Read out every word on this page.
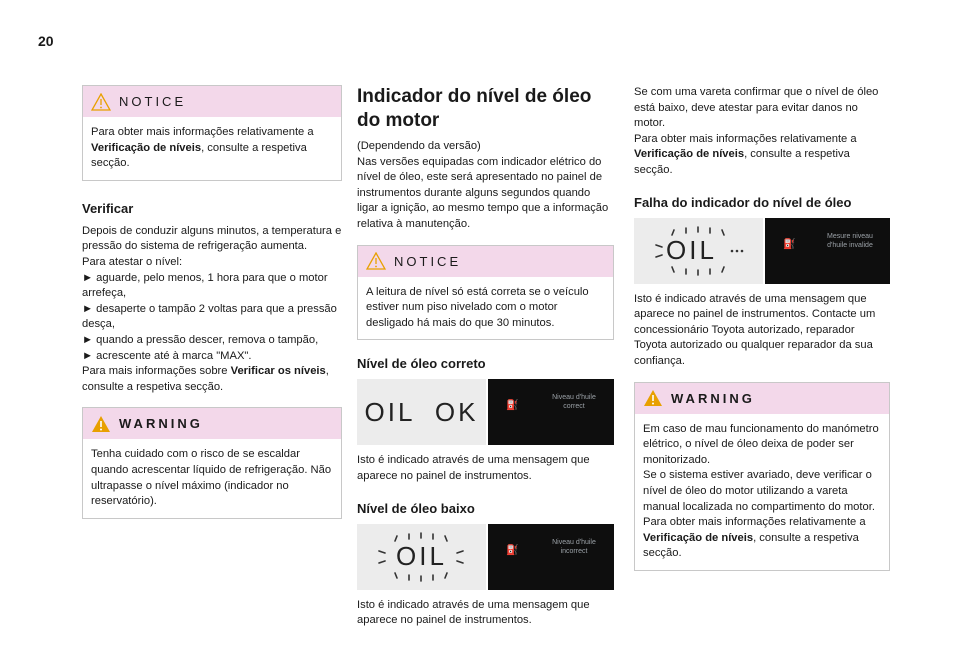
20
NOTICE
Para obter mais informações relativamente a Verificação de níveis, consulte a respetiva secção.
Verificar

Depois de conduzir alguns minutos, a temperatura e pressão do sistema de refrigeração aumenta.

Para atestar o nível:

► aguarde, pelo menos, 1 hora para que o motor arrefeça,

► desaperte o tampão 2 voltas para que a pressão desça,

► quando a pressão descer, remova o tampão,

► acrescente até à marca "MAX".

Para mais informações sobre Verificar os níveis, consulte a respetiva secção.

WARNING
Tenha cuidado com o risco de se escaldar quando acrescentar líquido de refrigeração. Não ultrapasse o nível máximo (indicador no reservatório).
Indicador do nível de óleo do motor

(Dependendo da versão)

Nas versões equipadas com indicador elétrico do nível de óleo, este será apresentado no painel de instrumentos durante alguns segundos quando ligar a ignição, ao mesmo tempo que a informação relativa à manutenção.

NOTICE
A leitura de nível só está correta se o veículo estiver num piso nivelado com o motor desligado há mais do que 30 minutos.
Nível de óleo correto
OIL  OK	⛽
Niveau d'huile correct

Isto é indicado através de uma mensagem que aparece no painel de instrumentos.

Nível de óleo baixo
OIL	⛽
Niveau d'huile incorrect

Isto é indicado através de uma mensagem que aparece no painel de instrumentos.

Se com uma vareta confirmar que o nível de óleo está baixo, deve atestar para evitar danos no motor.

Para obter mais informações relativamente a Verificação de níveis, consulte a respetiva secção.

Falha do indicador do nível de óleo
OIL	⛽
Mesure niveau d'huile invalide

Isto é indicado através de uma mensagem que aparece no painel de instrumentos. Contacte um concessionário Toyota autorizado, reparador Toyota autorizado ou qualquer reparador da sua confiança.

WARNING

Em caso de mau funcionamento do manómetro elétrico, o nível de óleo deixa de poder ser monitorizado.

Se o sistema estiver avariado, deve verificar o nível de óleo do motor utilizando a vareta manual localizada no compartimento do motor.

Para obter mais informações relativamente a Verificação de níveis, consulte a respetiva secção.
